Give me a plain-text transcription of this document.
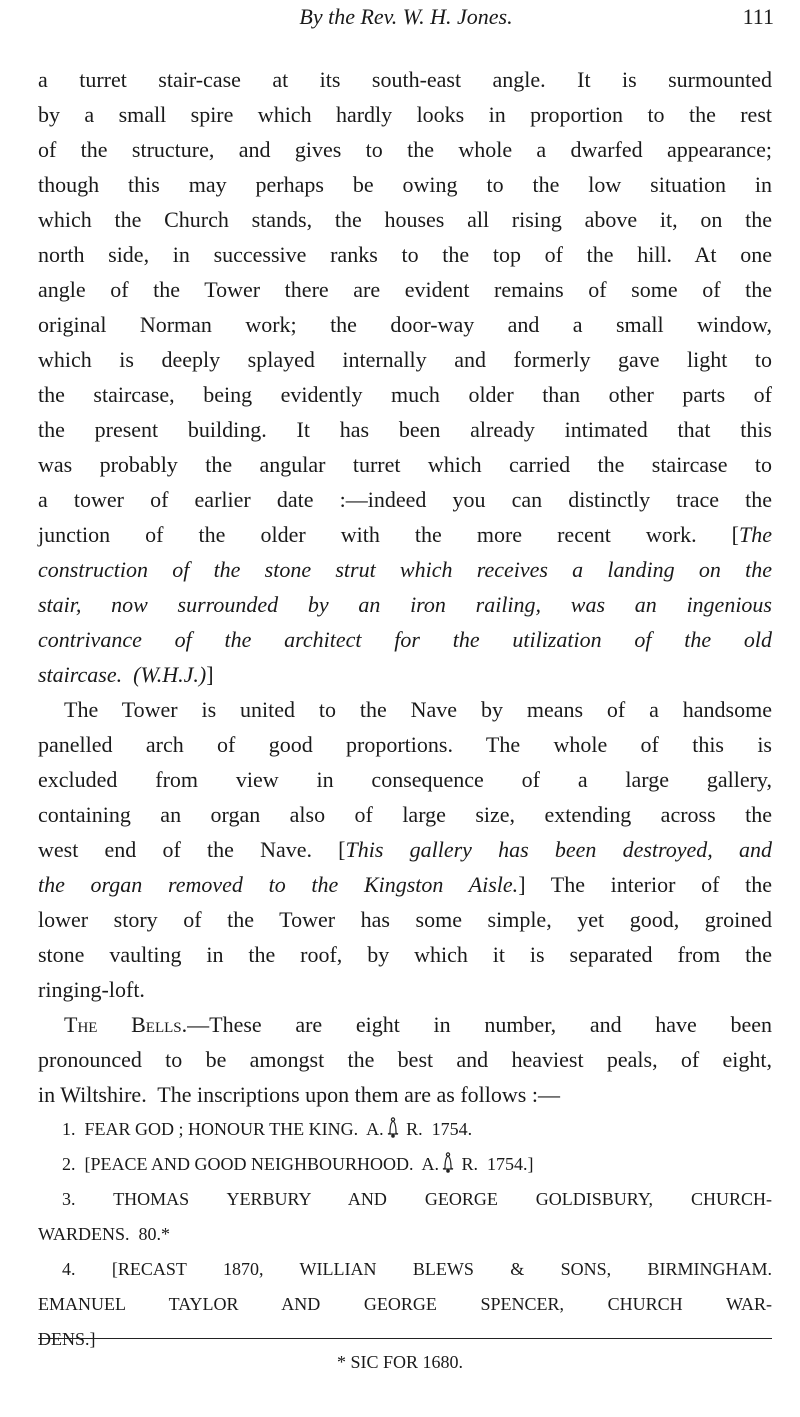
By the Rev. W. H. Jones.	111
a turret stair-case at its south-east angle. It is surmounted
by a small spire which hardly looks in proportion to the rest
of the structure, and gives to the whole a dwarfed appearance;
though this may perhaps be owing to the low situation in
which the Church stands, the houses all rising above it, on the
north side, in successive ranks to the top of the hill. At one
angle of the Tower there are evident remains of some of the
original Norman work; the door-way and a small window,
which is deeply splayed internally and formerly gave light to
the staircase, being evidently much older than other parts of
the present building. It has been already intimated that this
was probably the angular turret which carried the staircase to
a tower of earlier date :—indeed you can distinctly trace the
junction of the older with the more recent work. [The
construction of the stone strut which receives a landing on the
stair, now surrounded by an iron railing, was an ingenious
contrivance of the architect for the utilization of the old
staircase.  (W.H.J.)]
The Tower is united to the Nave by means of a handsome
panelled arch of good proportions. The whole of this is
excluded from view in consequence of a large gallery,
containing an organ also of large size, extending across the
west end of the Nave. [This gallery has been destroyed, and
the organ removed to the Kingston Aisle.] The interior of the
lower story of the Tower has some simple, yet good, groined
stone vaulting in the roof, by which it is separated from the
ringing-loft.
The Bells.—These are eight in number, and have been
pronounced to be amongst the best and heaviest peals, of eight,
in Wiltshire.  The inscriptions upon them are as follows :—
1.  FEAR GOD ; HONOUR THE KING.  A. R.  1754.
2.  [PEACE AND GOOD NEIGHBOURHOOD.  A. R.  1754.]
3. THOMAS YERBURY AND GEORGE GOLDISBURY, CHURCH-
WARDENS.  80.*
4. [RECAST 1870, WILLIAN BLEWS & SONS, BIRMINGHAM.
EMANUEL TAYLOR AND GEORGE SPENCER, CHURCH WAR-
DENS.]
* SIC FOR 1680.
